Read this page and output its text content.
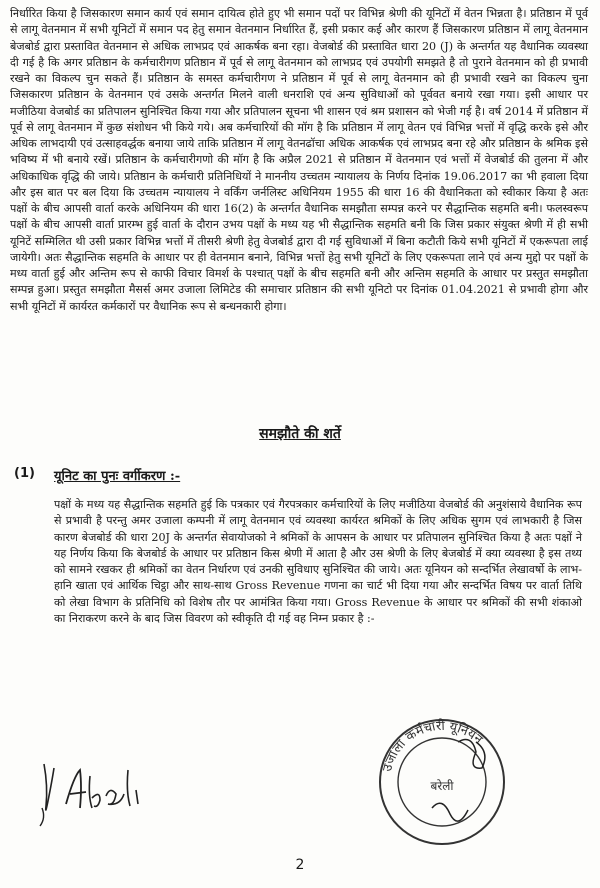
निर्धारित किया है जिसकारण समान कार्य एवं समान दायित्व होते हुए भी समान पदों पर विभिन्न श्रेणी की यूनिटों में वेतन भिन्नता है। प्रतिष्ठान में पूर्व से लागू वेतनमान में सभी यूनिटों में समान पद हेतु समान वेतनमान निर्धारित हैं, इसी प्रकार कई और कारण हैं जिसकारण प्रतिष्ठान में लागू वेतनमान बेजबोर्ड द्वारा प्रस्तावित वेतनमान से अधिक लाभप्रद एवं आकर्षक बना रहा। वेजबोर्ड की प्रस्तावित धारा 20 (J) के अन्तर्गत यह वैधानिक व्यवस्था दी गई है कि अगर प्रतिष्ठान के कर्मचारीगण प्रतिष्ठान में पूर्व से लागू वेतनमान को लाभप्रद एवं उपयोगी समझते है तो पुराने वेतनमान को ही प्रभावी रखने का विकल्प चुन सकते हैं। प्रतिष्ठान के समस्त कर्मचारीगण ने प्रतिष्ठान में पूर्व से लागू वेतनमान को ही प्रभावी रखने का विकल्प चुना जिसकारण प्रतिष्ठान के वेतनमान एवं उसके अन्तर्गत मिलने वाली धनराशि एवं अन्य सुविधाओं को पूर्ववत बनाये रखा गया। इसी आधार पर मजीठिया वेजबोर्ड का प्रतिपालन सुनिश्चित किया गया और प्रतिपालन सूचना भी शासन एवं श्रम प्रशासन को भेजी गई है। वर्ष 2014 में प्रतिष्ठान में पूर्व से लागू वेतनमान में कुछ संशोधन भी किये गये। अब कर्मचारियों की मॉग है कि प्रतिष्ठान में लागू वेतन एवं विभिन्न भत्तों में वृद्धि करके इसे और अधिक लाभदायी एवं उत्साहवर्द्धक बनाया जाये ताकि प्रतिष्ठान में लागू वेतनढॉचा अधिक आकर्षक एवं लाभप्रद बना रहे और प्रतिष्ठान के श्रमिक इसे भविष्य में भी बनाये रखें। प्रतिष्ठान के कर्मचारीगणो की मॉग है कि अप्रैल 2021 से प्रतिष्ठान में वेतनमान एवं भत्तों में वेजबोर्ड की तुलना में और अधिकाधिक वृद्धि की जाये। प्रतिष्ठान के कर्मचारी प्रतिनिधियों ने माननीय उच्चतम न्यायालय के निर्णय दिनांक 19.06.2017 का भी हवाला दिया और इस बात पर बल दिया कि उच्चतम न्यायालय ने वर्किंग जर्नलिस्ट अधिनियम 1955 की धारा 16 की वैधानिकता को स्वीकार किया है अतः पक्षों के बीच आपसी वार्ता करके अधिनियम की धारा 16(2) के अन्तर्गत वैधानिक समझौता सम्पन्न करने पर सैद्धान्तिक सहमति बनी। फलस्वरूप पक्षों के बीच आपसी वार्ता प्रारम्भ हुई वार्ता के दौरान उभय पक्षों के मध्य यह भी सैद्धान्तिक सहमति बनी कि जिस प्रकार संयुक्त श्रेणी में ही सभी यूनिटें सम्मिलित थी उसी प्रकार विभिन्न भत्तों में तीसरी श्रेणी हेतु वेजबोर्ड द्वारा दी गई सुविधाओं में बिना कटौती किये सभी यूनिटों में एकरूपता लाई जायेगी। अतः सैद्धान्तिक सहमति के आधार पर ही वेतनमान बनाने, विभिन्न भत्तों हेतु सभी यूनिटों के लिए एकरूपता लाने एवं अन्य मुद्दो पर पक्षों के मध्य वार्ता हुई और अन्तिम रूप से काफी विचार विमर्श के पश्चात् पक्षों के बीच सहमति बनी और अन्तिम सहमति के आधार पर प्रस्तुत समझौता सम्पन्न हुआ। प्रस्तुत समझौता मैसर्स अमर उजाला लिमिटेड की समाचार प्रतिष्ठान की सभी यूनिटो पर दिनांक 01.04.2021 से प्रभावी होगा और सभी यूनिटों में कार्यरत कर्मकारों पर वैधानिक रूप से बन्धनकारी होगा।

समझौते की शर्ते
(1) यूनिट का पुनः वर्गीकरण :-

पक्षों के मध्य यह सैद्धान्तिक सहमति हुई कि पत्रकार एवं गैरपत्रकार कर्मचारियों के लिए मजीठिया वेजबोर्ड की अनुशंसाये वैधानिक रूप से प्रभावी है परन्तु अमर उजाला कम्पनी में लागू वेतनमान एवं व्यवस्था कार्यरत श्रमिकों के लिए अधिक सुगम एवं लाभकारी है जिस कारण बेजबोर्ड की धारा 20J के अन्तर्गत सेवायोजको ने श्रमिकों के आपसन के आधार पर प्रतिपालन सुनिश्चित किया है अतः पक्षों ने यह निर्णय किया कि बेजबोर्ड के आधार पर प्रतिष्ठान किस श्रेणी में आता है और उस श्रेणी के लिए बेजबोर्ड में क्या व्यवस्था है इस तथ्य को सामने रखकर ही श्रमिकों का वेतन निर्धारण एवं उनकी सुविधाए सुनिश्चित की जाये। अतः यूनियन को सन्दर्भित लेखावर्षो के लाभ-हानि खाता एवं आर्थिक चिट्ठा और साथ-साथ Gross Revenue गणना का चार्ट भी दिया गया और सन्दर्भित विषय पर वार्ता तिथि को लेखा विभाग के प्रतिनिधि को विशेष तौर पर आमंत्रित किया गया। Gross Revenue के आधार पर श्रमिकों की सभी शंकाओ का निराकरण करने के बाद जिस विवरण को स्वीकृति दी गई वह निम्न प्रकार है :-

उजाला कर्मचारी यूनियन
बरेली
2
